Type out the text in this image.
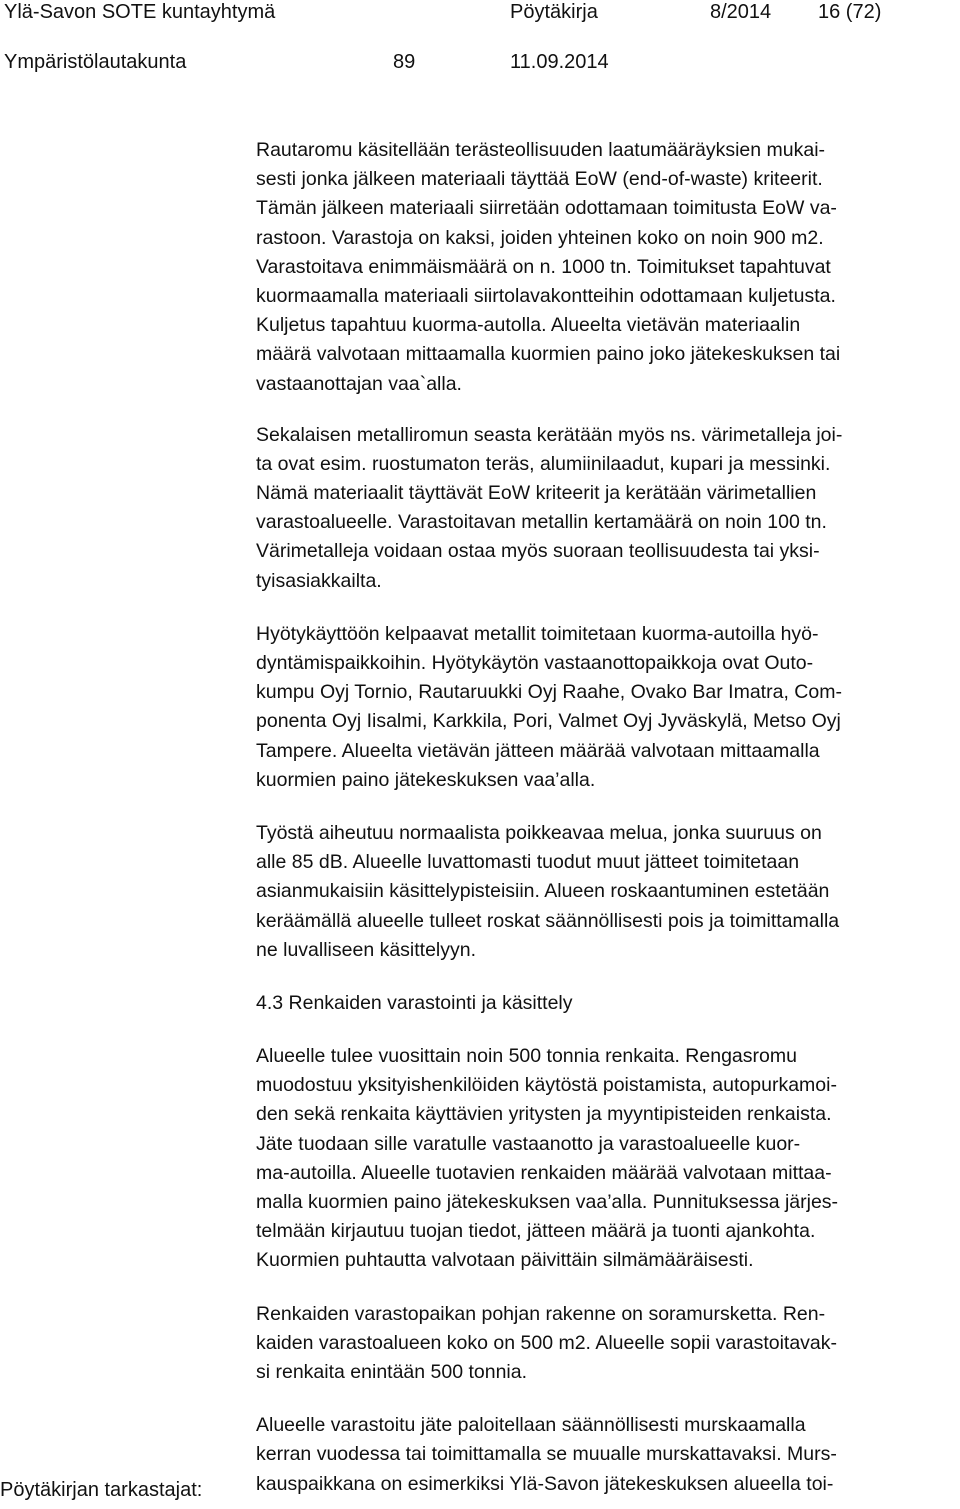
Ylä-Savon SOTE kuntayhtymä	Pöytäkirja	8/2014 16 (72)
Ympäristölautakunta	89	11.09.2014
Rautaromu käsitellään terästeollisuuden laatumääräyksien mukai-
sesti jonka jälkeen materiaali täyttää EoW (end-of-waste) kriteerit.
Tämän jälkeen materiaali siirretään odottamaan toimitusta EoW va-
rastoon. Varastoja on kaksi, joiden yhteinen koko on noin 900 m2.
Varastoitava enimmäismäärä on n. 1000 tn. Toimitukset tapahtuvat
kuormaamalla materiaali siirtolavakontteihin odottamaan kuljetusta.
Kuljetus tapahtuu kuorma-autolla. Alueelta vietävän materiaalin
määrä valvotaan mittaamalla kuormien paino joko jätekeskuksen tai
vastaanottajan vaa`alla.
Sekalaisen metalliromun seasta kerätään myös ns. värimetalleja joi-
ta ovat esim. ruostumaton teräs, alumiinilaadut, kupari ja messinki.
Nämä materiaalit täyttävät EoW kriteerit ja kerätään värimetallien
varastoalueelle. Varastoitavan metallin kertamäärä on noin 100 tn.
Värimetalleja voidaan ostaa myös suoraan teollisuudesta tai yksi-
tyisasiakkailta.
Hyötykäyttöön kelpaavat metallit toimitetaan kuorma-autoilla hyö-
dyntämispaikkoihin. Hyötykäytön vastaanottopaikkoja ovat Outo-
kumpu Oyj Tornio, Rautaruukki Oyj Raahe, Ovako Bar Imatra, Com-
ponenta Oyj Iisalmi, Karkkila, Pori, Valmet Oyj Jyväskylä, Metso Oyj
Tampere. Alueelta vietävän jätteen määrää valvotaan mittaamalla
kuormien paino jätekeskuksen vaa’alla.
Työstä aiheutuu normaalista poikkeavaa melua, jonka suuruus on
alle 85 dB. Alueelle luvattomasti tuodut muut jätteet toimitetaan
asianmukaisiin käsittelypisteisiin. Alueen roskaantuminen estetään
keräämällä alueelle tulleet roskat säännöllisesti pois ja toimittamalla
ne luvalliseen käsittelyyn.
4.3 Renkaiden varastointi ja käsittely
Alueelle tulee vuosittain noin 500 tonnia renkaita. Rengasromu
muodostuu yksityishenkilöiden käytöstä poistamista, autopurkamoi-
den sekä renkaita käyttävien yritysten ja myyntipisteiden renkaista.
Jäte tuodaan sille varatulle vastaanotto ja varastoalueelle kuor-
ma-autoilla. Alueelle tuotavien renkaiden määrää valvotaan mittaa-
malla kuormien paino jätekeskuksen vaa’alla. Punnituksessa järjes-
telmään kirjautuu tuojan tiedot, jätteen määrä ja tuonti ajankohta.
Kuormien puhtautta valvotaan päivittäin silmämääräisesti.
Renkaiden varastopaikan pohjan rakenne on soramursketta. Ren-
kaiden varastoalueen koko on 500 m2. Alueelle sopii varastoitavak-
si renkaita enintään 500 tonnia.
Alueelle varastoitu jäte paloitellaan säännöllisesti murskaamalla
kerran vuodessa tai toimittamalla se muualle murskattavaksi. Murs-
kauspaikkana on esimerkiksi Ylä-Savon jätekeskuksen alueella toi-
Pöytäkirjan tarkastajat:
